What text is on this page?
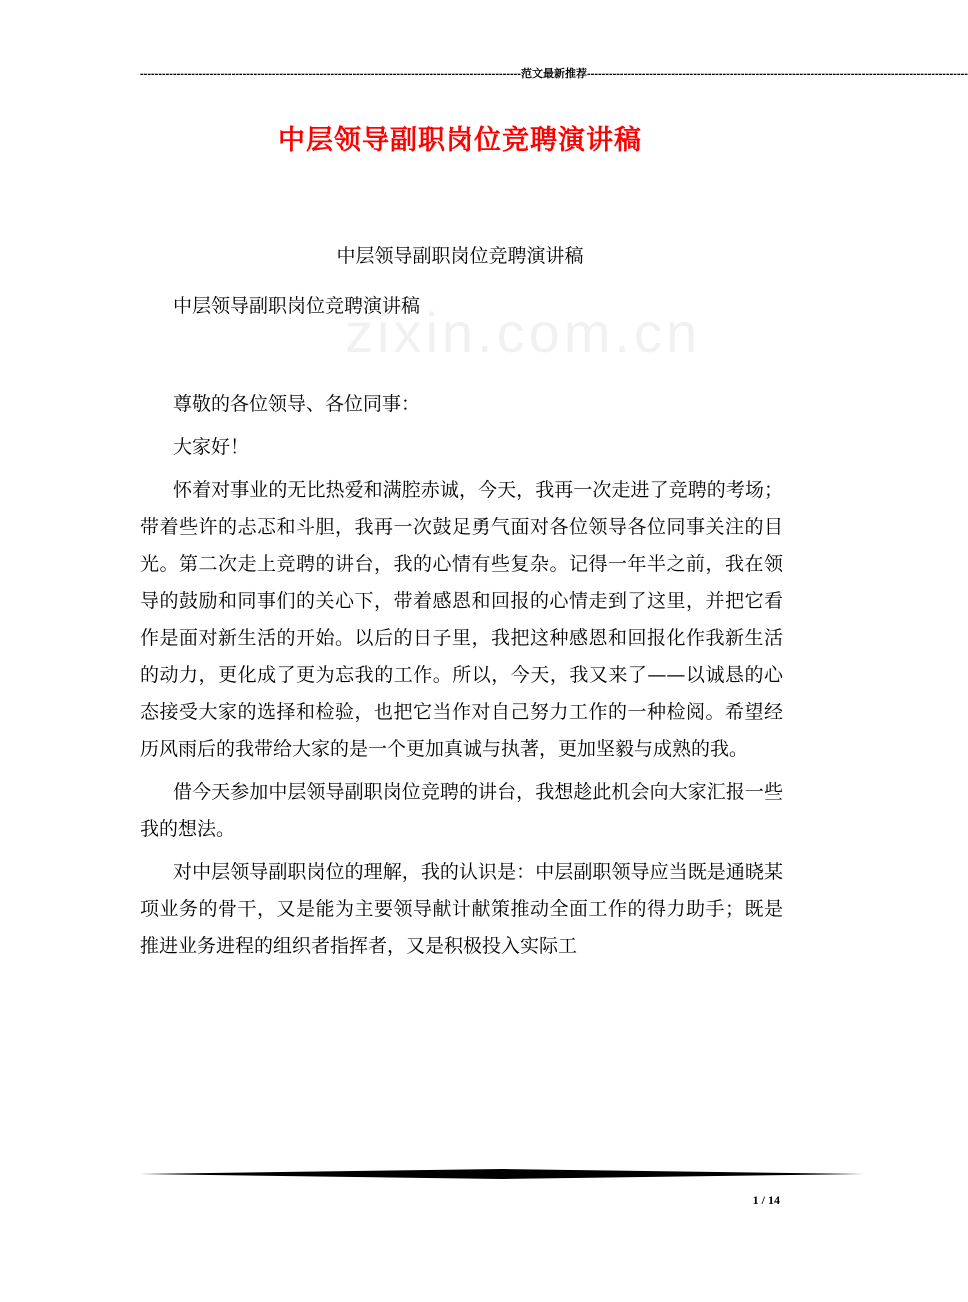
zixin.com.cn
--------------------------------------------------------------------------------------------------------范文最新推荐--------------------------------------------------------------------------------------------------------
中层领导副职岗位竞聘演讲稿
中层领导副职岗位竞聘演讲稿
中层领导副职岗位竞聘演讲稿

尊敬的各位领导、各位同事：

大家好！

怀着对事业的无比热爱和满腔赤诚，今天，我再一次走进了竞聘的考场；带着些许的忐忑和斗胆，我再一次鼓足勇气面对各位领导各位同事关注的目光。第二次走上竞聘的讲台，我的心情有些复杂。记得一年半之前，我在领导的鼓励和同事们的关心下，带着感恩和回报的心情走到了这里，并把它看作是面对新生活的开始。以后的日子里，我把这种感恩和回报化作我新生活的动力，更化成了更为忘我的工作。所以，今天，我又来了——以诚恳的心态接受大家的选择和检验，也把它当作对自己努力工作的一种检阅。希望经历风雨后的我带给大家的是一个更加真诚与执著，更加坚毅与成熟的我。

借今天参加中层领导副职岗位竞聘的讲台，我想趁此机会向大家汇报一些我的想法。

对中层领导副职岗位的理解，我的认识是：中层副职领导应当既是通晓某项业务的骨干，又是能为主要领导献计献策推动全面工作的得力助手；既是推进业务进程的组织者指挥者，又是积极投入实际工

1 / 14
